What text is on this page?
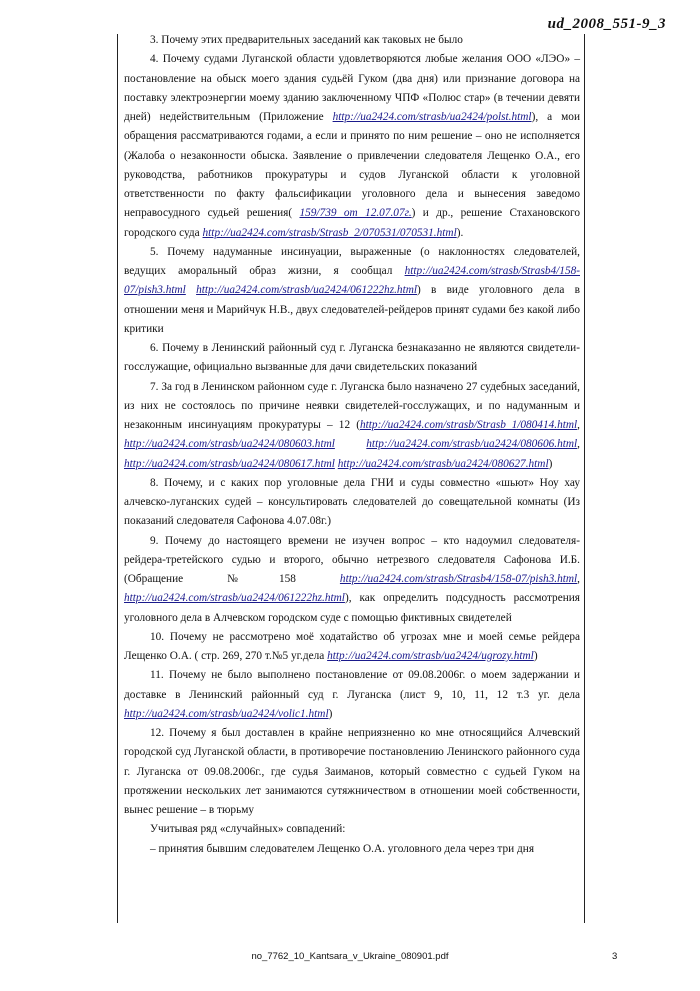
ud_2008_551-9_3

3. Почему этих предварительных заседаний как таковых не было

4. Почему судами Луганской области удовлетворяются любые желания ООО «ЛЭО» – постановление на обыск моего здания судьёй Гуком (два дня) или признание договора на поставку электроэнергии моему зданию заключенному ЧПФ «Полюс стар» (в течении девяти дней) недействительным (Приложение http://ua2424.com/strasb/ua2424/polst.html), а мои обращения рассматриваются годами, а если и принято по ним решение – оно не исполняется (Жалоба о незаконности обыска. Заявление о привлечении следователя Лещенко О.А., его руководства, работников прокуратуры и судов Луганской области к уголовной ответственности по факту фальсификации уголовного дела и вынесения заведомо неправосудного судьей решения( 159/739 от 12.07.07г.) и др., решение Стахановского городского суда http://ua2424.com/strasb/Strasb_2/070531/070531.html).

5. Почему надуманные инсинуации, выраженные (о наклонностях следователей, ведущих аморальный образ жизни, я сообщал http://ua2424.com/strasb/Strasb4/158-07/pish3.html http://ua2424.com/strasb/ua2424/061222hz.html) в виде уголовного дела в отношении меня и Марийчук Н.В., двух следователей-рейдеров принят судами без какой либо критики

6. Почему в Ленинский районный суд г. Луганска безнаказанно не являются свидетели-госслужащие, официально вызванные для дачи свидетельских показаний

7. За год в Ленинском районном суде г. Луганска было назначено 27 судебных заседаний, из них не состоялось по причине неявки свидетелей-госслужащих, и по надуманным и незаконным инсинуациям прокуратуры – 12 (http://ua2424.com/strasb/Strasb_1/080414.html, http://ua2424.com/strasb/ua2424/080603.html	http://ua2424.com/strasb/ua2424/080606.html, http://ua2424.com/strasb/ua2424/080617.html http://ua2424.com/strasb/ua2424/080627.html)

8. Почему, и с каких пор уголовные дела ГНИ и суды совместно «шьют» Ноу хау алчевско-луганских судей – консультировать следователей до совещательной комнаты (Из показаний следователя Сафонова 4.07.08г.)

9. Почему до настоящего времени не изучен вопрос – кто надоумил следователя-рейдера-третейского судью и второго, обычно нетрезвого следователя Сафонова И.Б. (Обращение №158 http://ua2424.com/strasb/Strasb4/158-07/pish3.html, http://ua2424.com/strasb/ua2424/061222hz.html), как определить подсудность рассмотрения уголовного дела в Алчевском городском суде с помощью фиктивных свидетелей

10. Почему не рассмотрено моё ходатайство об угрозах мне и моей семье рейдера Лещенко О.А. ( стр. 269, 270 т.№5 уг.дела http://ua2424.com/strasb/ua2424/ugrozy.html)

11. Почему не было выполнено постановление от 09.08.2006г. о моем задержании и доставке в Ленинский районный суд г. Луганска (лист 9, 10, 11, 12 т.3 уг. дела http://ua2424.com/strasb/ua2424/volic1.html)

12. Почему я был доставлен в крайне неприязненно ко мне относящийся Алчевский городской суд Луганской области, в противоречие постановлению Ленинского районного суда г. Луганска от 09.08.2006г., где судья Заиманов, который совместно с судьей Гуком на протяжении нескольких лет занимаются сутяжничеством в отношении моей собственности, вынес решение – в тюрьму

Учитывая ряд «случайных» совпадений:

– принятия бывшим следователем Лещенко О.А. уголовного дела через три дня

no_7762_10_Kantsara_v_Ukraine_080901.pdf	3
